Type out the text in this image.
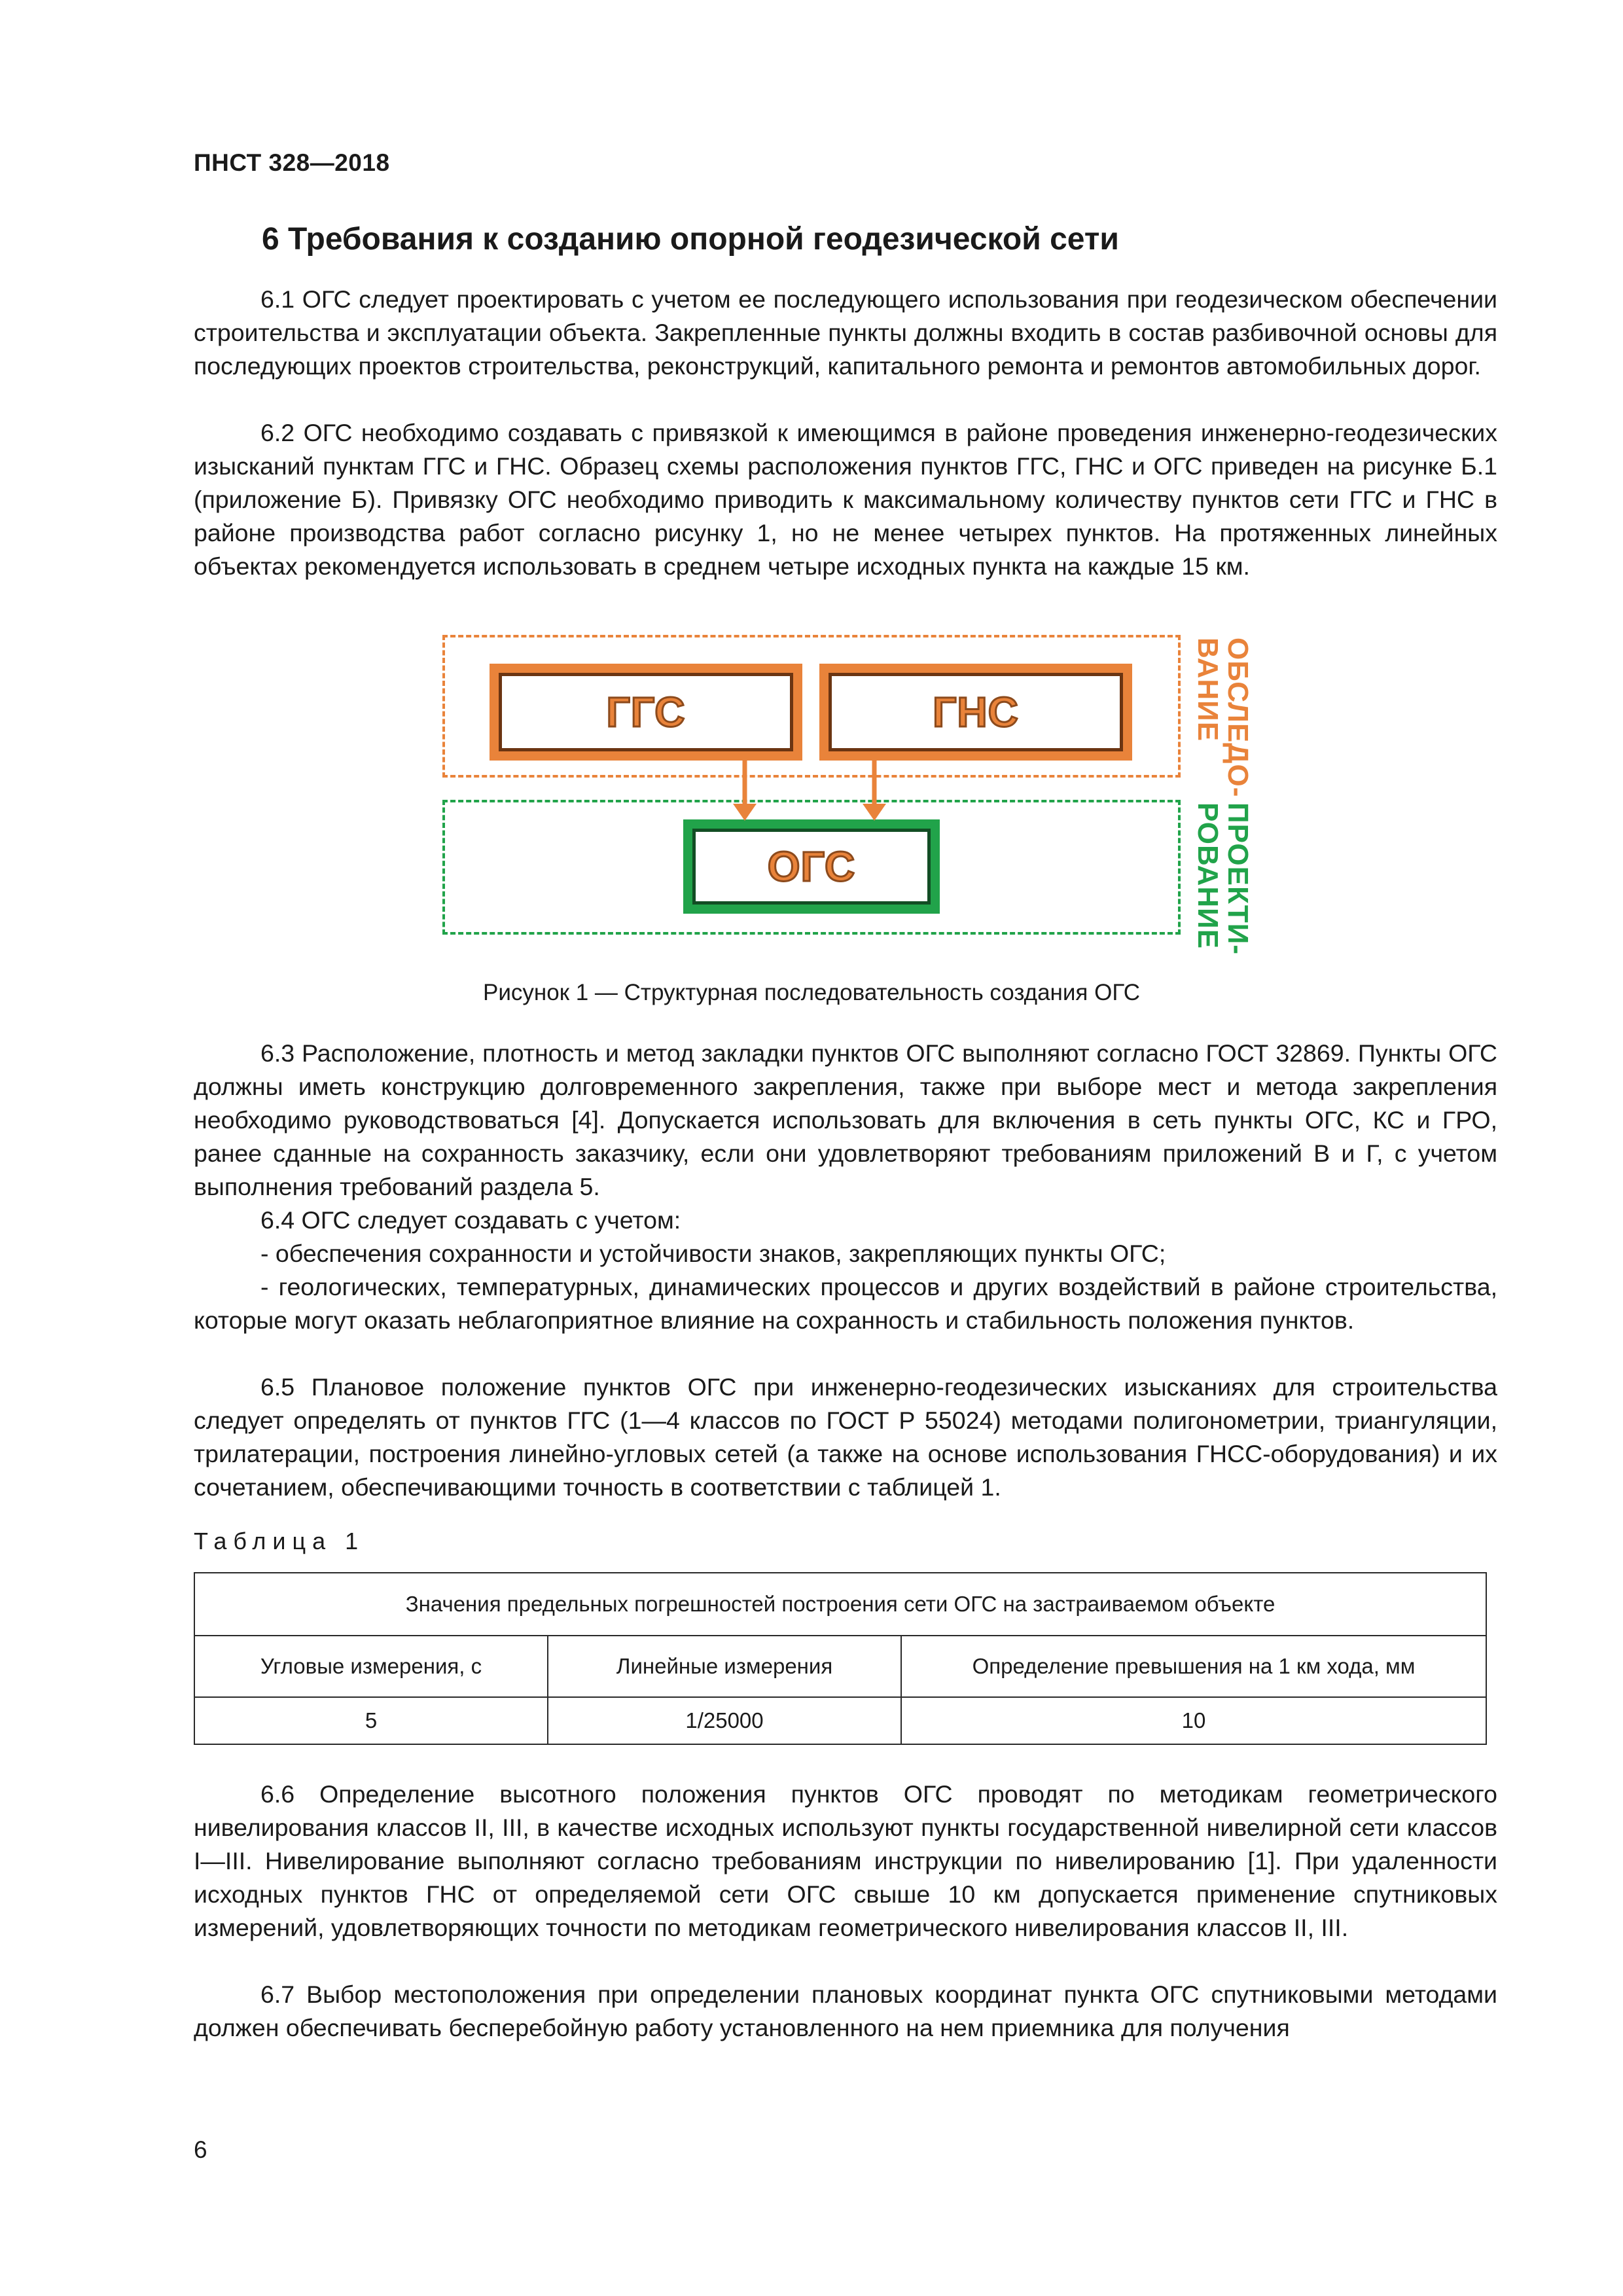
ПНСТ 328—2018
6 Требования к созданию опорной геодезической сети

6.1 ОГС следует проектировать с учетом ее последующего использования при геодезическом обеспечении строительства и эксплуатации объекта. Закрепленные пункты должны входить в состав разбивочной основы для последующих проектов строительства, реконструкций, капитального ремонта и ремонтов автомобильных дорог.

6.2 ОГС необходимо создавать с привязкой к имеющимся в районе проведения инженерно-геодезических изысканий пунктам ГГС и ГНС. Образец схемы расположения пунктов ГГС, ГНС и ОГС приведен на рисунке Б.1 (приложение Б). Привязку ОГС необходимо приводить к максимальному количеству пунктов сети ГГС и ГНС в районе производства работ согласно рисунку 1, но не менее четырех пунктов. На протяженных линейных объектах рекомендуется использовать в среднем четыре исходных пункта на каждые 15 км.

ГГС	ГНС
ОГС
ОБСЛЕДО-
ВАНИЕ
ПРОЕКТИ-
РОВАНИЕ
Рисунок 1 — Структурная последовательность создания ОГС

6.3 Расположение, плотность и метод закладки пунктов ОГС выполняют согласно ГОСТ 32869. Пункты ОГС должны иметь конструкцию долговременного закрепления, также при выборе мест и метода закрепления необходимо руководствоваться [4]. Допускается использовать для включения в сеть пункты ОГС, КС и ГРО, ранее сданные на сохранность заказчику, если они удовлетворяют требованиям приложений В и Г, с учетом выполнения требований раздела 5.

6.4 ОГС следует создавать с учетом:

- обеспечения сохранности и устойчивости знаков, закрепляющих пункты ОГС;

- геологических, температурных, динамических процессов и других воздействий в районе строительства, которые могут оказать неблагоприятное влияние на сохранность и стабильность положения пунктов.

6.5 Плановое положение пунктов ОГС при инженерно-геодезических изысканиях для строительства следует определять от пунктов ГГС (1—4 классов по ГОСТ Р 55024) методами полигонометрии, триангуляции, трилатерации, построения линейно-угловых сетей (а также на основе использования ГНСС-оборудования) и их сочетанием, обеспечивающими точность в соответствии с таблицей 1.

Таблица 1
Значения предельных погрешностей построения сети ОГС на застраиваемом объекте		
Угловые измерения, с	Линейные измерения	Определение превышения на 1 км хода, мм
5	1/25000	10

6.6 Определение высотного положения пунктов ОГС проводят по методикам геометрического нивелирования классов II, III, в качестве исходных используют пункты государственной нивелирной сети классов I—III. Нивелирование выполняют согласно требованиям инструкции по нивелированию [1]. При удаленности исходных пунктов ГНС от определяемой сети ОГС свыше 10 км допускается применение спутниковых измерений, удовлетворяющих точности по методикам геометрического нивелирования классов II, III.

6.7 Выбор местоположения при определении плановых координат пункта ОГС спутниковыми методами должен обеспечивать бесперебойную работу установленного на нем приемника для получения

6
